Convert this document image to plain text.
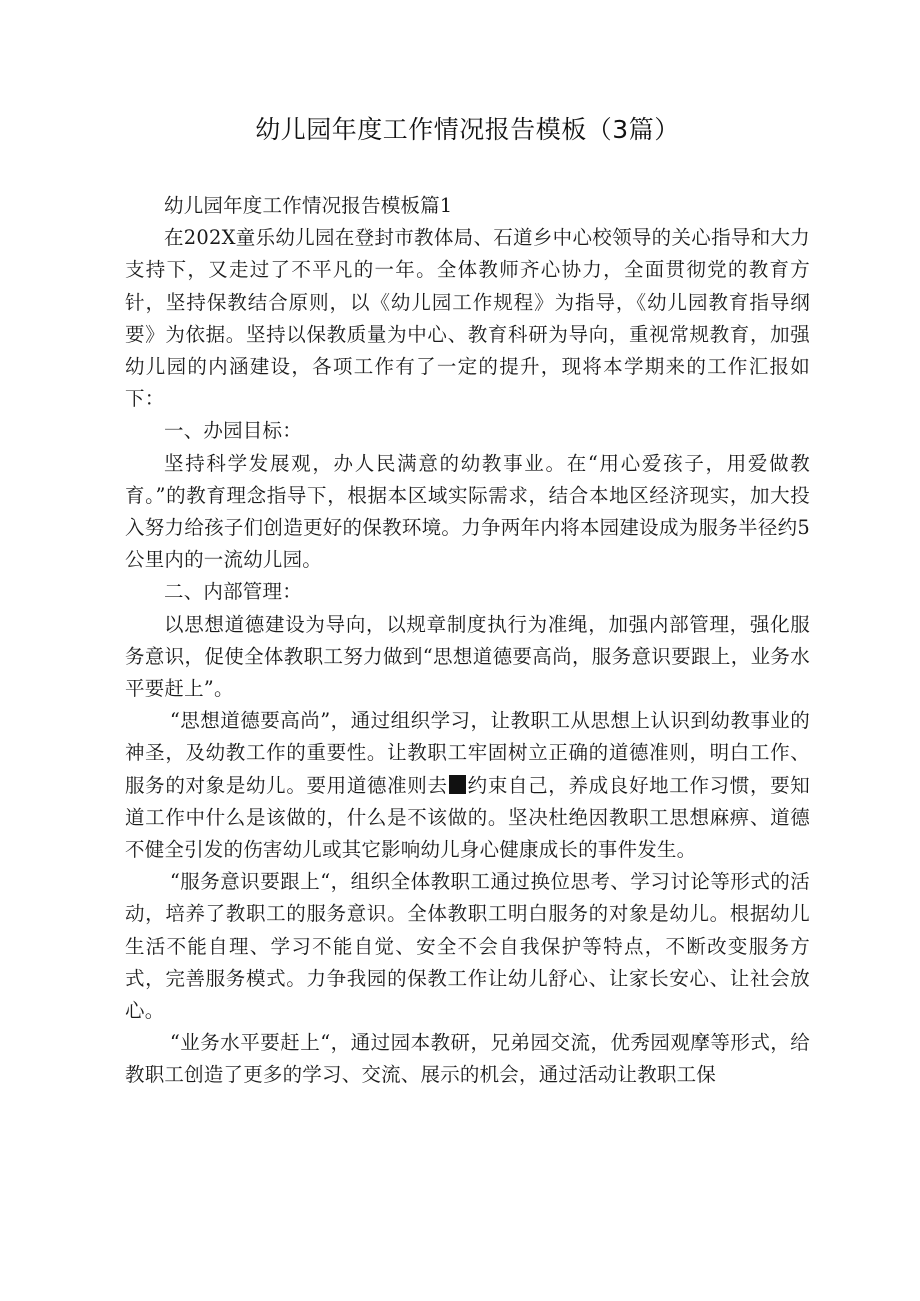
幼儿园年度工作情况报告模板（3篇）

幼儿园年度工作情况报告模板篇1

在202X童乐幼儿园在登封市教体局、石道乡中心校领导的关心指导和大力支持下，又走过了不平凡的一年。全体教师齐心协力，全面贯彻党的教育方针，坚持保教结合原则，以《幼儿园工作规程》为指导，《幼儿园教育指导纲要》为依据。坚持以保教质量为中心、教育科研为导向，重视常规教育，加强幼儿园的内涵建设，各项工作有了一定的提升，现将本学期来的工作汇报如下：

一、办园目标：

坚持科学发展观，办人民满意的幼教事业。在“用心爱孩子，用爱做教育。”的教育理念指导下，根据本区域实际需求，结合本地区经济现实，加大投入努力给孩子们创造更好的保教环境。力争两年内将本园建设成为服务半径约5公里内的一流幼儿园。

二、内部管理：

以思想道德建设为导向，以规章制度执行为准绳，加强内部管理，强化服务意识，促使全体教职工努力做到“思想道德要高尚，服务意识要跟上，业务水平要赶上”。

“思想道德要高尚”，通过组织学习，让教职工从思想上认识到幼教事业的神圣，及幼教工作的重要性。让教职工牢固树立正确的道德准则，明白工作、服务的对象是幼儿。要用道德准则去 约束自己，养成良好地工作习惯，要知道工作中什么是该做的，什么是不该做的。坚决杜绝因教职工思想麻痹、道德不健全引发的伤害幼儿或其它影响幼儿身心健康成长的事件发生。

“服务意识要跟上“，组织全体教职工通过换位思考、学习讨论等形式的活动，培养了教职工的服务意识。全体教职工明白服务的对象是幼儿。根据幼儿生活不能自理、学习不能自觉、安全不会自我保护等特点，不断改变服务方式，完善服务模式。力争我园的保教工作让幼儿舒心、让家长安心、让社会放心。

“业务水平要赶上“，通过园本教研，兄弟园交流，优秀园观摩等形式，给教职工创造了更多的学习、交流、展示的机会，通过活动让教职工保
